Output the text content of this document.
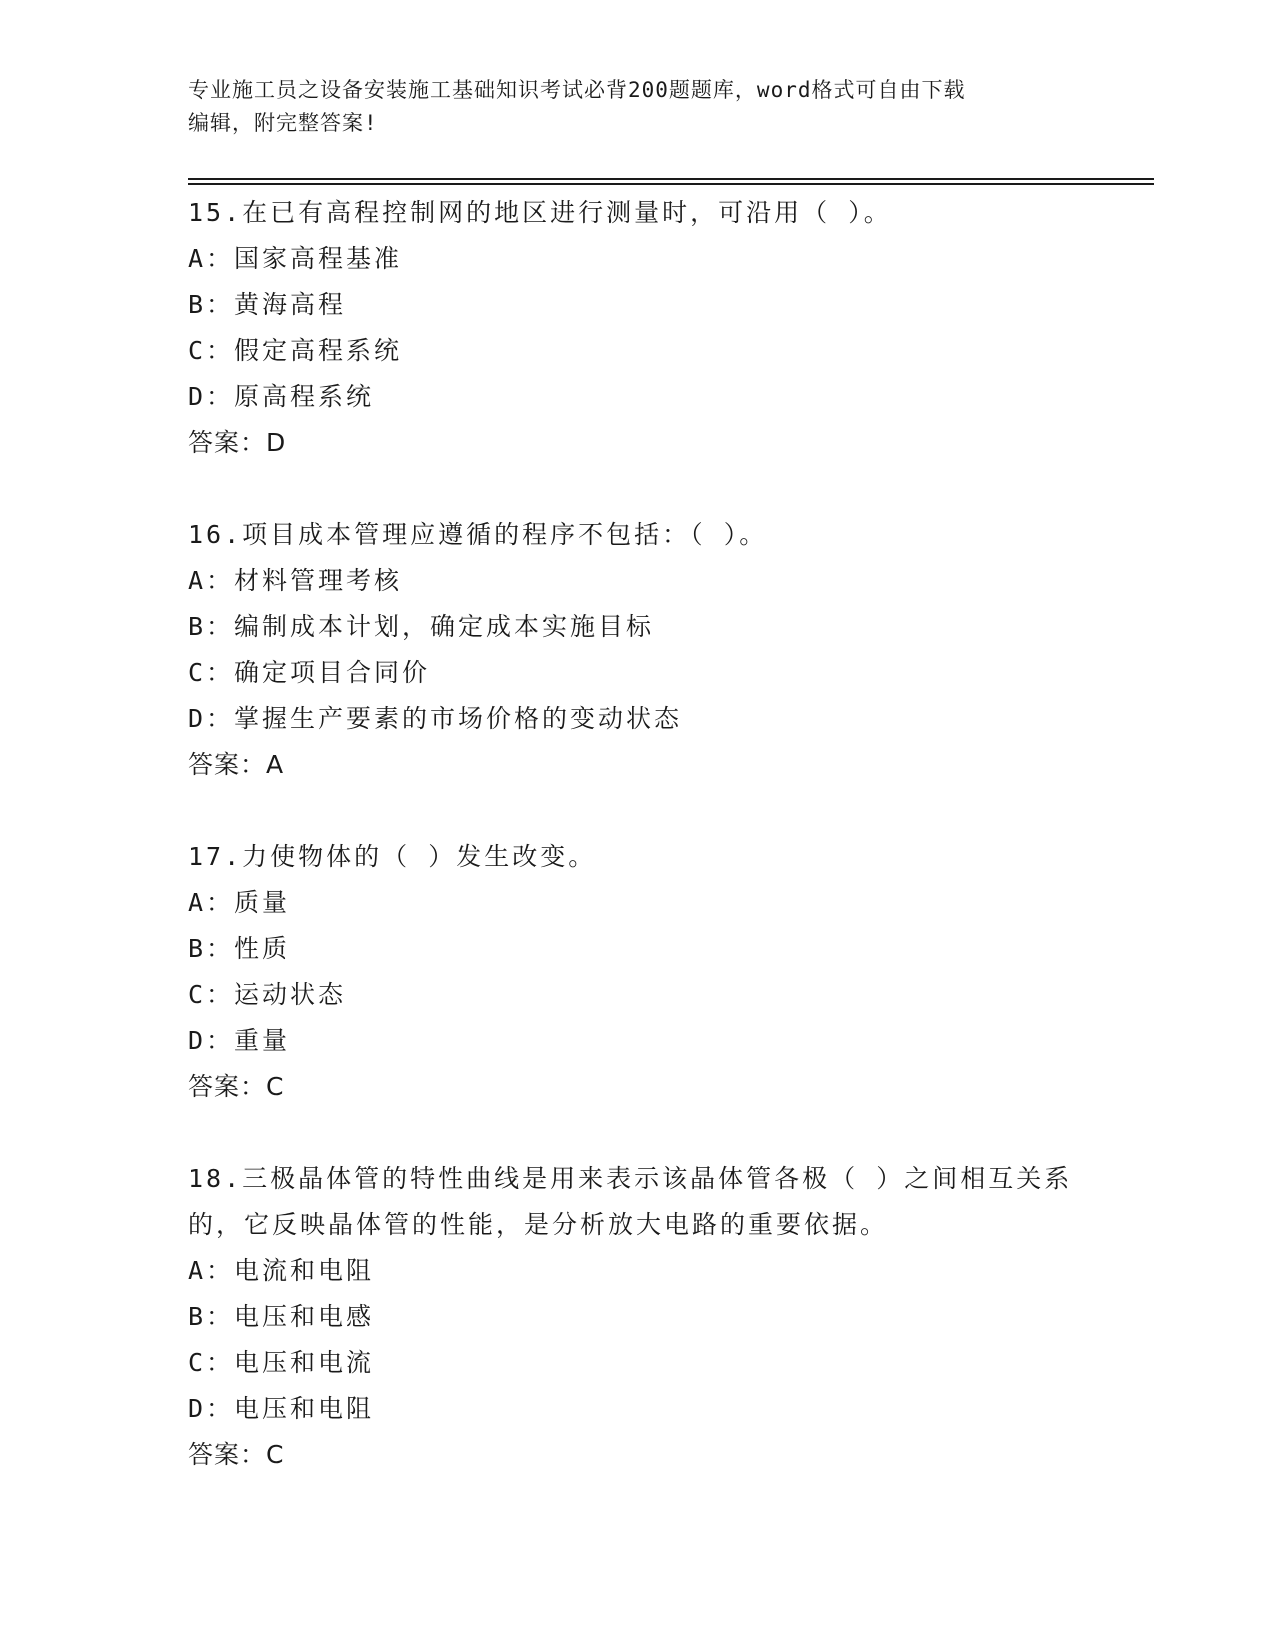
专业施工员之设备安装施工基础知识考试必背200题题库，word格式可自由下载
编辑，附完整答案!
15.在已有高程控制网的地区进行测量时，可沿用（ ）。
A：国家高程基准
B：黄海高程
C：假定高程系统
D：原高程系统
答案：D
16.项目成本管理应遵循的程序不包括：（ ）。
A：材料管理考核
B：编制成本计划，确定成本实施目标
C：确定项目合同价
D：掌握生产要素的市场价格的变动状态
答案：A
17.力使物体的（ ）发生改变。
A：质量
B：性质
C：运动状态
D：重量
答案：C
18.三极晶体管的特性曲线是用来表示该晶体管各极（ ）之间相互关系的，它反映晶体管的性能，是分析放大电路的重要依据。
A：电流和电阻
B：电压和电感
C：电压和电流
D：电压和电阻
答案：C
